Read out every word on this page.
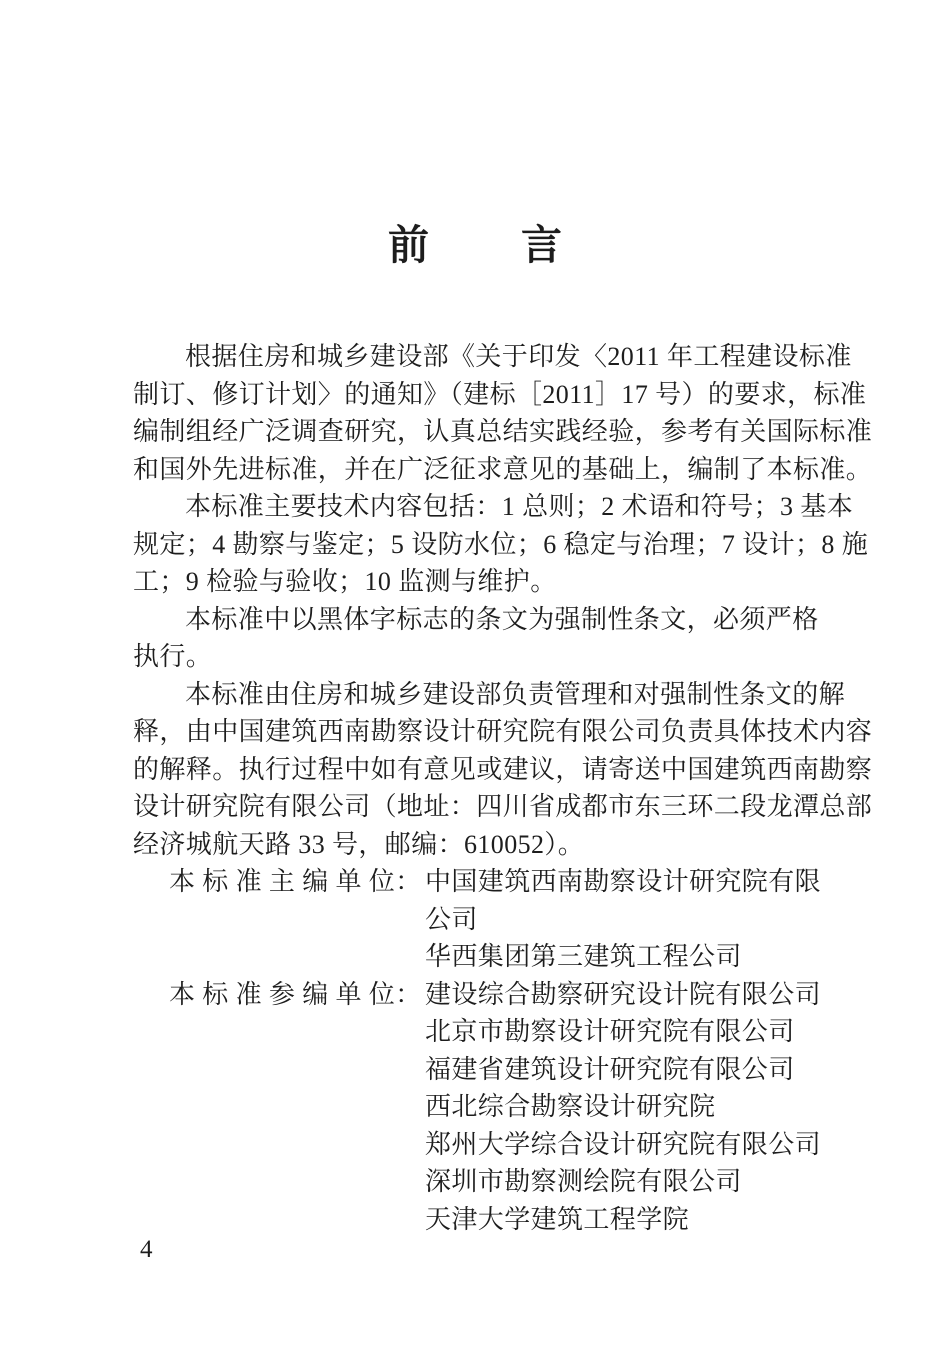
前 言
根据住房和城乡建设部《关于印发〈2011 年工程建设标准
制订、修订计划〉的通知》（建标［2011］17 号）的要求，标准
编制组经广泛调查研究，认真总结实践经验，参考有关国际标准
和国外先进标准，并在广泛征求意见的基础上，编制了本标准。
本标准主要技术内容包括：1 总则；2 术语和符号；3 基本
规定；4 勘察与鉴定；5 设防水位；6 稳定与治理；7 设计；8 施
工；9 检验与验收；10 监测与维护。
本标准中以黑体字标志的条文为强制性条文，必须严格
执行。
本标准由住房和城乡建设部负责管理和对强制性条文的解
释，由中国建筑西南勘察设计研究院有限公司负责具体技术内容
的解释。执行过程中如有意见或建议，请寄送中国建筑西南勘察
设计研究院有限公司（地址：四川省成都市东三环二段龙潭总部
经济城航天路 33 号，邮编：610052）。
本 标 准 主 编 单 位： 中国建筑西南勘察设计研究院有限
公司
华西集团第三建筑工程公司
本 标 准 参 编 单 位： 建设综合勘察研究设计院有限公司
北京市勘察设计研究院有限公司
福建省建筑设计研究院有限公司
西北综合勘察设计研究院
郑州大学综合设计研究院有限公司
深圳市勘察测绘院有限公司
天津大学建筑工程学院
4
